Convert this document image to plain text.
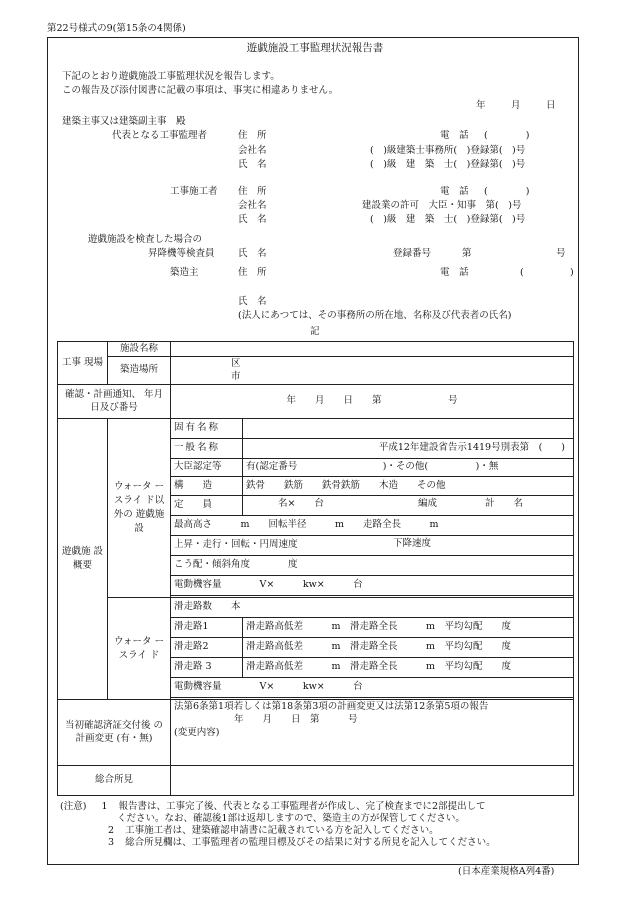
第22号様式の9(第15条の4関係)
遊戯施設工事監理状況報告書
下記のとおり遊戯施設工事監理状況を報告します。
この報告及び添付図書に記載の事項は、事実に相違ありません。
年	月	日
建築主事又は建築副主事　殿
代表となる工事監理者	住　所	電　話 (　　　　)
会社名	(　)級建築士事務所(　)登録第(　)号
氏　名	(　)級　建　築　士(　)登録第(　)号
工事施工者 住　所	電　話 (　　　　)
会社名	建設業の許可　大臣・知事　第(　)号
氏　名	(　)級　建　築　士(　)登録第(　)号
遊戯施設を検査した場合の
昇降機等検査員 氏　名	登録番号	第	号
築造主	住　所	電　話	(	)
氏　名
(法人にあつては、その事務所の所在地、名称及び代表者の氏名)
記
工事 現場	施設名称		
	築造場所	区
市	

確認・計画通知、 年月日及び番号		年　　月　　日　　第　　　　　　　号	
遊戯施 設概要	ウォータ ースライ ド以外の 遊戯施設	固有名称	
		一般名称	平成12年建設省告示1419号別表第　(　　)
		大臣認定等	有(認定番号　　　　　　　　　)・その他(　　　　　)・無
		構　　造	鉄骨　　鉄筋　　鉄骨鉄筋　　木造　　その他
		定　　員	名×　　台 編成 計　　名

		最高高さ　　　m　　回転半径　　　m　　走路全長　　　m	
		上昇・走行・回転・円周速度 下降速度	

		こう配・傾斜角度　　　　度	
		電動機容量　　　　V×　　　kw×　　　台	

	ウォータ ースライ ド	滑走路数　　本	
		滑走路1	滑走路高低差　　　m　滑走路全長　　　m　平均勾配　　度
		滑走路2	滑走路高低差　　　m　滑走路全長　　　m　平均勾配　　度
		滑走路 3	滑走路高低差　　　m　滑走路全長　　　m　平均勾配　　度
		電動機容量　　　　V×　　　kw×　　　台	

当初確認済証交付後 の計画変更 (有・無)		法第6条第1項若しくは第18条第3項の計画変更又は法第12条第5項の報告
年　　月　　日　第　　　号
(変更内容)	

総合所見			
(注意) 1 報告書は、工事完了後、代表となる工事監理者が作成し、完了検査までに2部提出して
ください。なお、確認後1部は返却しますので、築造主の方が保管してください。
2 工事施工者は、建築確認申請書に記載されている方を記入してください。
3 総合所見欄は、工事監理者の監理目標及びその結果に対する所見を記入してください。
(日本産業規格A列4番)
